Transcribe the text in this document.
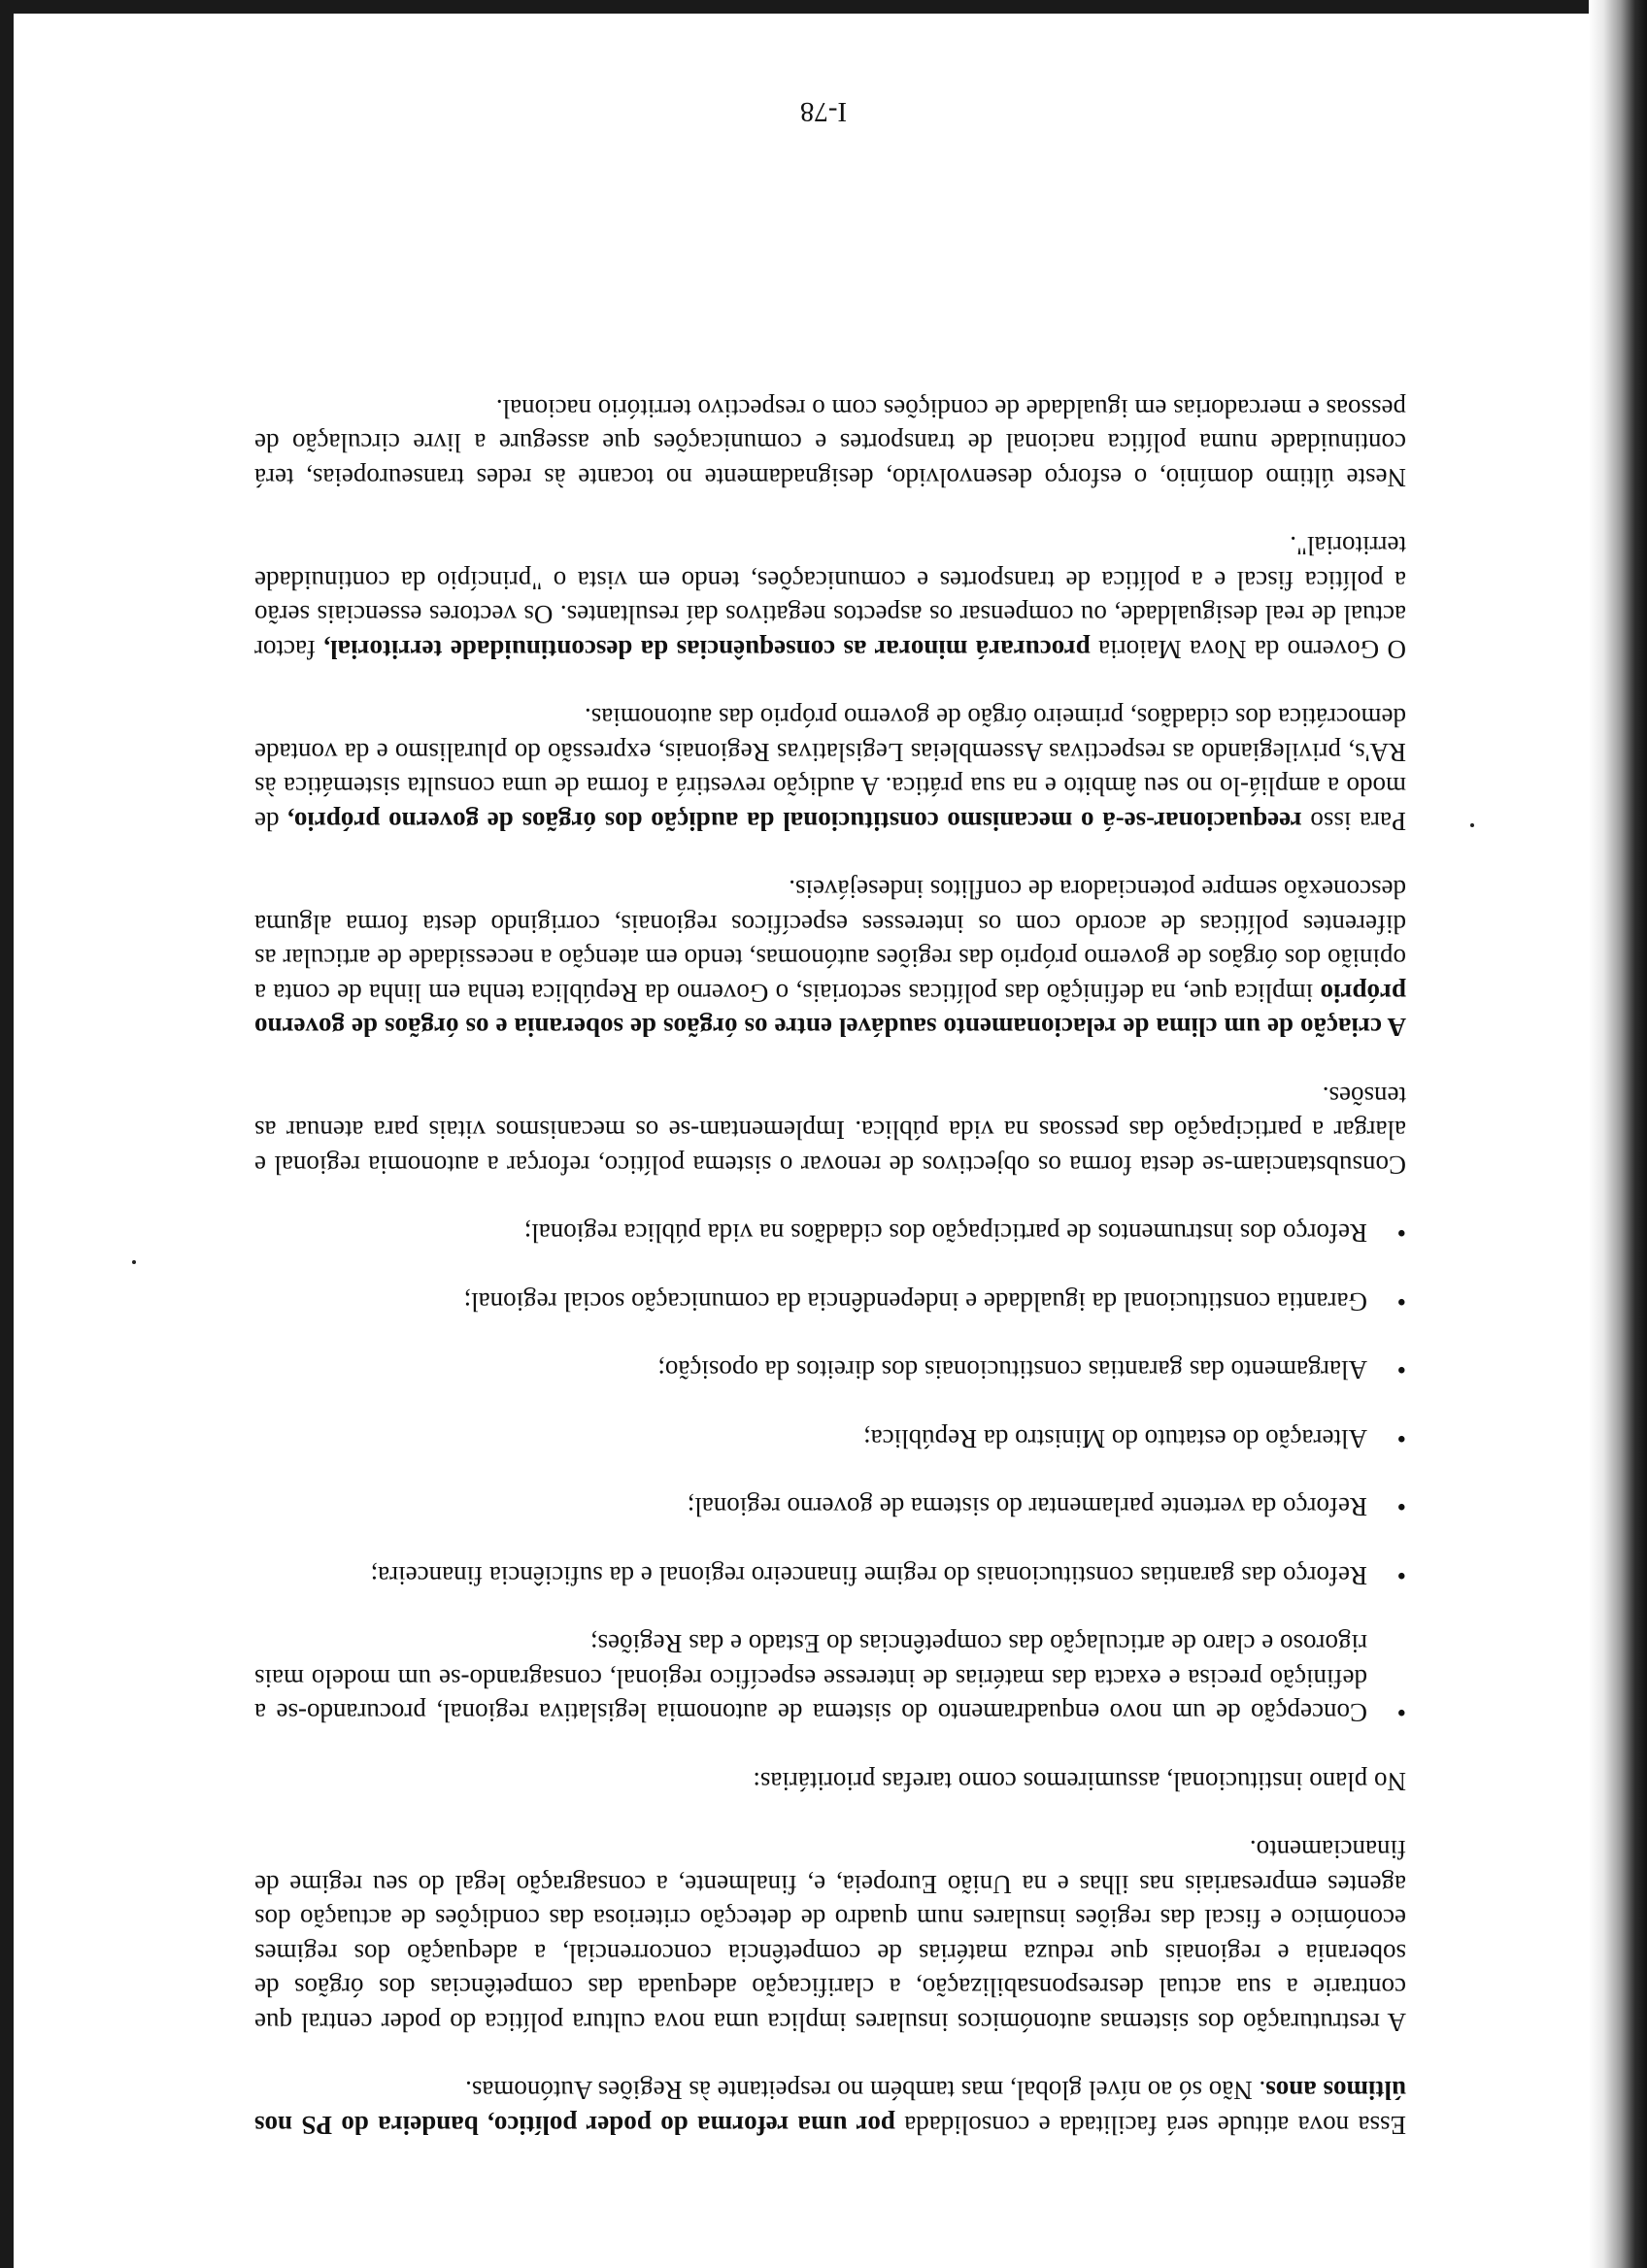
Essa nova atitude será facilitada e consolidada por uma reforma do poder político, bandeira do PS nos últimos anos. Não só ao nível global, mas também no respeitante às Regiões Autónomas.

A restruturação dos sistemas autonómicos insulares implica uma nova cultura política do poder central que contrarie a sua actual desresponsabilização, a clarificação adequada das competências dos órgãos de soberania e regionais que reduza matérias de competência concorrencial, a adequação dos regimes económico e fiscal das regiões insulares num quadro de detecção criteriosa das condições de actuação dos agentes empresariais nas ilhas e na União Europeia, e, finalmente, a consagração legal do seu regime de financiamento.

No plano institucional, assumiremos como tarefas prioritárias:

•
Concepção de um novo enquadramento do sistema de autonomia legislativa regional, procurando-se a definição precisa e exacta das matérias de interesse específico regional, consagrando-se um modelo mais rigoroso e claro de articulação das competências do Estado e das Regiões;
•
Reforço das garantias constitucionais do regime financeiro regional e da suficiência financeira;
•
Reforço da vertente parlamentar do sistema de governo regional;
•
Alteração do estatuto do Ministro da República;
•
Alargamento das garantias constitucionais dos direitos da oposição;
•
Garantia constitucional da igualdade e independência da comunicação social regional;
•
Reforço dos instrumentos de participação dos cidadãos na vida pública regional;

Consubstanciam-se desta forma os objectivos de renovar o sistema político, reforçar a autonomia regional e alargar a participação das pessoas na vida pública. Implementam-se os mecanismos vitais para atenuar as tensões.

A criação de um clima de relacionamento saudável entre os órgãos de soberania e os órgãos de governo próprio implica que, na definição das políticas sectoriais, o Governo da República tenha em linha de conta a opinião dos órgãos de governo próprio das regiões autónomas, tendo em atenção a necessidade de articular as diferentes políticas de acordo com os interesses específicos regionais, corrigindo desta forma alguma desconexão sempre potenciadora de conflitos indesejáveis.

Para isso reequacionar-se-á o mecanismo constitucional da audição dos órgãos de governo próprio, de modo a ampliá-lo no seu âmbito e na sua prática. A audição revestirá a forma de uma consulta sistemática às RA's, privilegiando as respectivas Assembleias Legislativas Regionais, expressão do pluralismo e da vontade democrática dos cidadãos, primeiro órgão de governo próprio das autonomias.

O Governo da Nova Maioria procurará minorar as consequências da descontinuidade territorial, factor actual de real desigualdade, ou compensar os aspectos negativos daí resultantes. Os vectores essenciais serão a política fiscal e a política de transportes e comunicações, tendo em vista o "princípio da continuidade territorial".

Neste último domínio, o esforço desenvolvido, designadamente no tocante às redes transeuropeias, terá continuidade numa política nacional de transportes e comunicações que assegure a livre circulação de pessoas e mercadorias em igualdade de condições com o respectivo território nacional.

I-78
